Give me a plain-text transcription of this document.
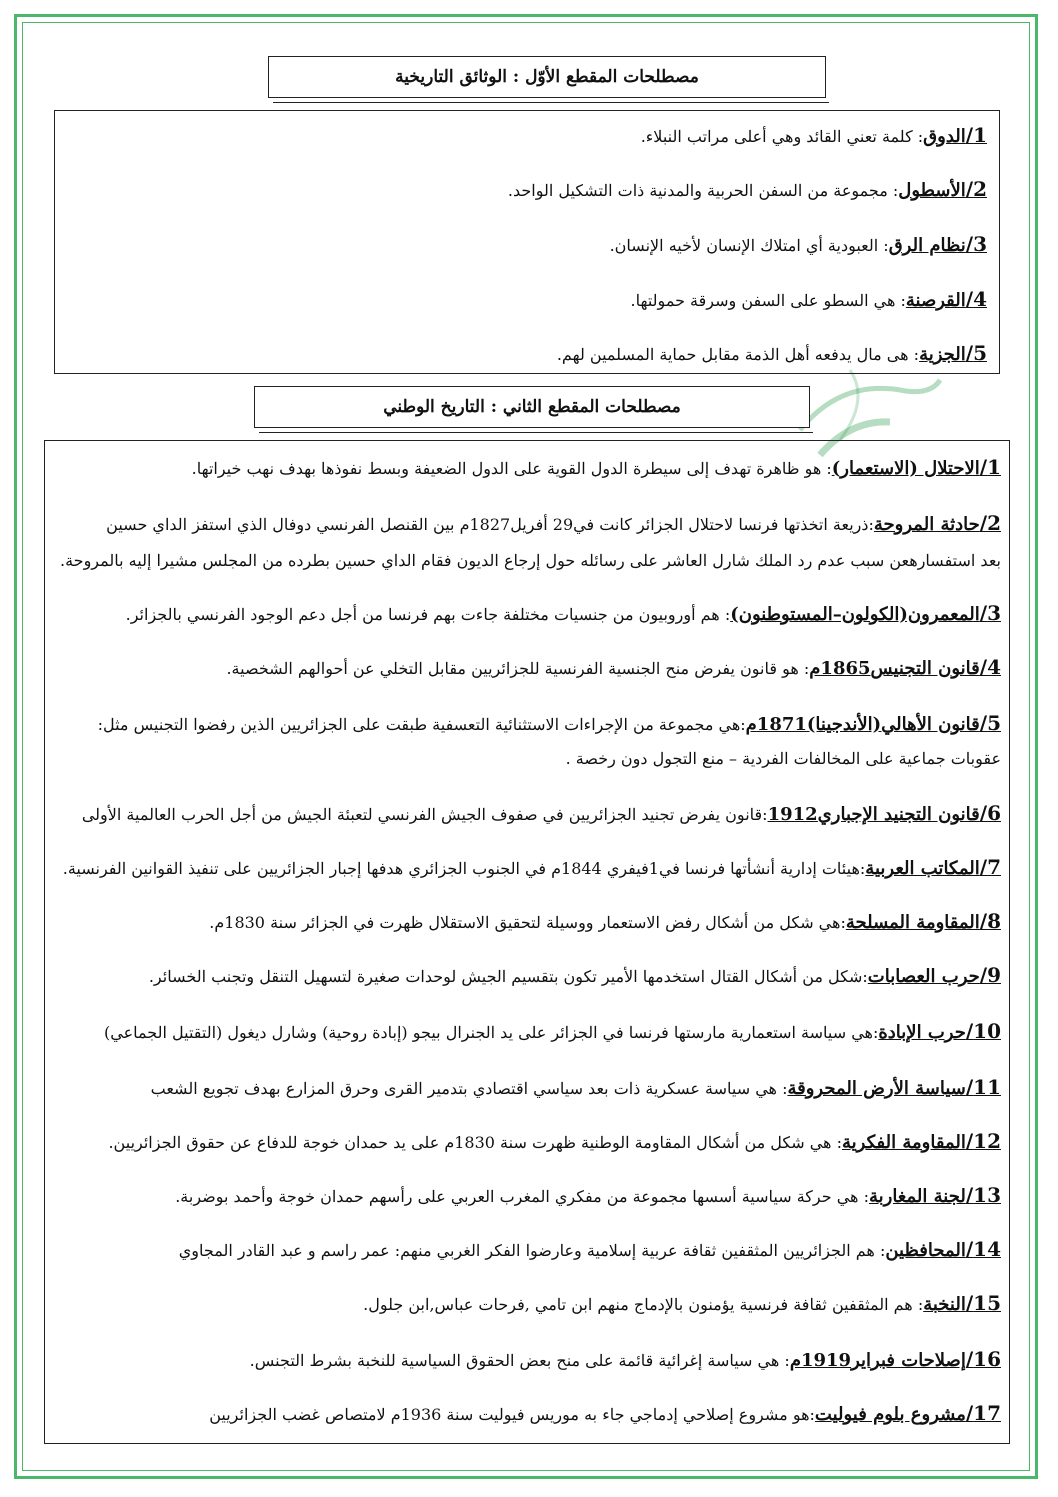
مصطلحات المقطع الأوّل : الوثائق التاريخية
1/الدوق: كلمة تعني القائد وهي أعلى مراتب النبلاء.
2/الأسطول: مجموعة من السفن الحربية والمدنية ذات التشكيل الواحد.
3/نظام الرق: العبودية أي امتلاك الإنسان لأخيه الإنسان.
4/القرصنة: هي السطو على السفن وسرقة حمولتها.
5/الجزية: هى مال يدفعه أهل الذمة مقابل حماية المسلمين لهم.
مصطلحات المقطع الثاني : التاريخ الوطني
1/الاحتلال (الاستعمار): هو ظاهرة تهدف إلى سيطرة الدول القوية على الدول الضعيفة وبسط نفوذها بهدف نهب خيراتها.
2/حادثة المروحة:ذريعة اتخذتها فرنسا لاحتلال الجزائر كانت في29 أفريل1827م بين القنصل الفرنسي دوفال الذي استفز الداي حسين
بعد استفسارهعن سبب عدم رد الملك شارل العاشر على رسائله حول إرجاع الديون فقام الداي حسين بطرده من المجلس مشيرا إليه بالمروحة.
3/المعمرون(الكولون–المستوطنون): هم أوروبيون من جنسيات مختلفة جاءت بهم فرنسا من أجل دعم الوجود الفرنسي بالجزائر.
4/قانون التجنيس1865م: هو قانون يفرض منح الجنسية الفرنسية للجزائريين مقابل التخلي عن أحوالهم الشخصية.
5/قانون الأهالي(الأندجينا)1871م:هي مجموعة من الإجراءات الاستثنائية التعسفية طبقت على الجزائريين الذين رفضوا التجنيس مثل:
عقوبات جماعية على المخالفات الفردية – منع التجول دون رخصة .
6/قانون التجنيد الإجباري1912:قانون يفرض تجنيد الجزائريين في صفوف الجيش الفرنسي لتعبئة الجيش من أجل الحرب العالمية الأولى
7/المكاتب العربية:هيئات إدارية أنشأتها فرنسا في1فيفري 1844م في الجنوب الجزائري هدفها إجبار الجزائريين على تنفيذ القوانين الفرنسية.
8/المقاومة المسلحة:هي شكل من أشكال رفض الاستعمار ووسيلة لتحقيق الاستقلال ظهرت في الجزائر سنة 1830م.
9/حرب العصابات:شكل من أشكال القتال استخدمها الأمير تكون بتقسيم الجيش لوحدات صغيرة لتسهيل التنقل وتجنب الخسائر.
10/حرب الإبادة:هي سياسة استعمارية مارستها فرنسا في الجزائر على يد الجنرال بيجو (إبادة روحية) وشارل ديغول (التقتيل الجماعي)
11/سياسة الأرض المحروقة: هي سياسة عسكرية ذات بعد سياسي اقتصادي بتدمير القرى وحرق المزارع بهدف تجويع الشعب
12/المقاومة الفكرية: هي شكل من أشكال المقاومة الوطنية ظهرت سنة 1830م على يد حمدان خوجة للدفاع عن حقوق الجزائريين.
13/لجنة المغاربة: هي حركة سياسية أسسها مجموعة من مفكري المغرب العربي على رأسهم حمدان خوجة وأحمد بوضربة.
14/المحافظين: هم الجزائريين المثقفين ثقافة عربية إسلامية وعارضوا الفكر الغربي منهم: عمر راسم و عبد القادر المجاوي
15/النخبة: هم المثقفين ثقافة فرنسية يؤمنون بالإدماج منهم ابن تامي ,فرحات عباس,ابن جلول.
16/إصلاحات فبراير1919م: هي سياسة إغرائية قائمة على منح بعض الحقوق السياسية للنخبة بشرط التجنس.
17/مشروع بلوم فيوليت:هو مشروع إصلاحي إدماجي جاء به موريس فيوليت سنة 1936م لامتصاص غضب الجزائريين
